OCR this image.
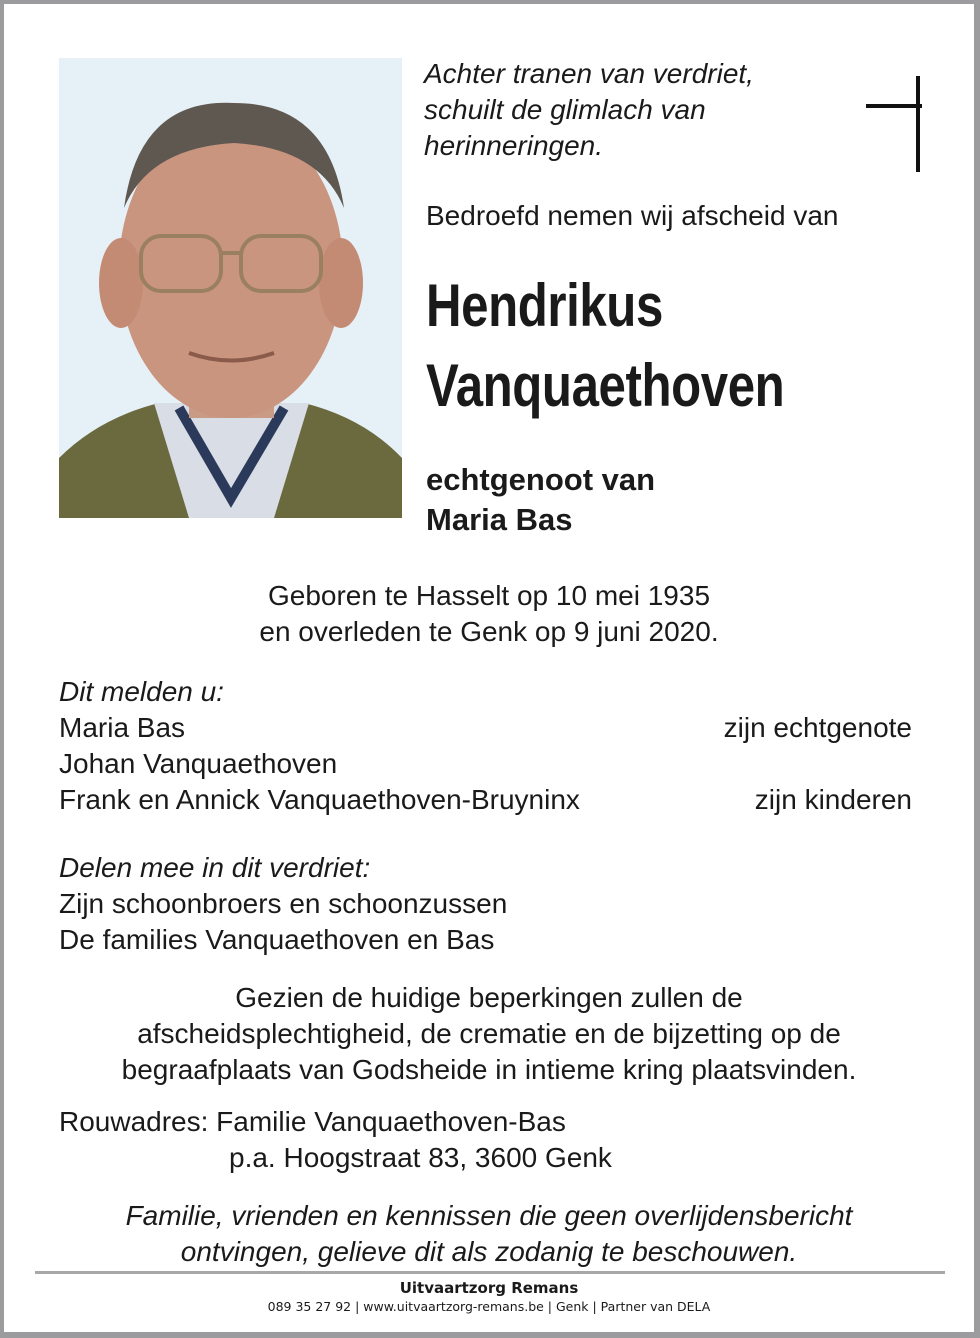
Achter tranen van verdriet,
schuilt de glimlach van
herinneringen.
Bedroefd nemen wij afscheid van
Hendrikus
Vanquaethoven
echtgenoot van
Maria Bas
Geboren te Hasselt op 10 mei 1935
en overleden te Genk op 9 juni 2020.
Dit melden u:
Maria Bas
Johan Vanquaethoven
Frank en Annick Vanquaethoven-Bruyninx
zijn echtgenote
zijn kinderen
Delen mee in dit verdriet:
Zijn schoonbroers en schoonzussen
De families Vanquaethoven en Bas
Gezien de huidige beperkingen zullen de
afscheidsplechtigheid, de crematie en de bijzetting op de
begraafplaats van Godsheide in intieme kring plaatsvinden.
Rouwadres: Familie Vanquaethoven-Bas
p.a. Hoogstraat 83, 3600 Genk
Familie, vrienden en kennissen die geen overlijdensbericht
ontvingen, gelieve dit als zodanig te beschouwen.
Uitvaartzorg Remans
089 35 27 92 | www.uitvaartzorg-remans.be | Genk | Partner van DELA
